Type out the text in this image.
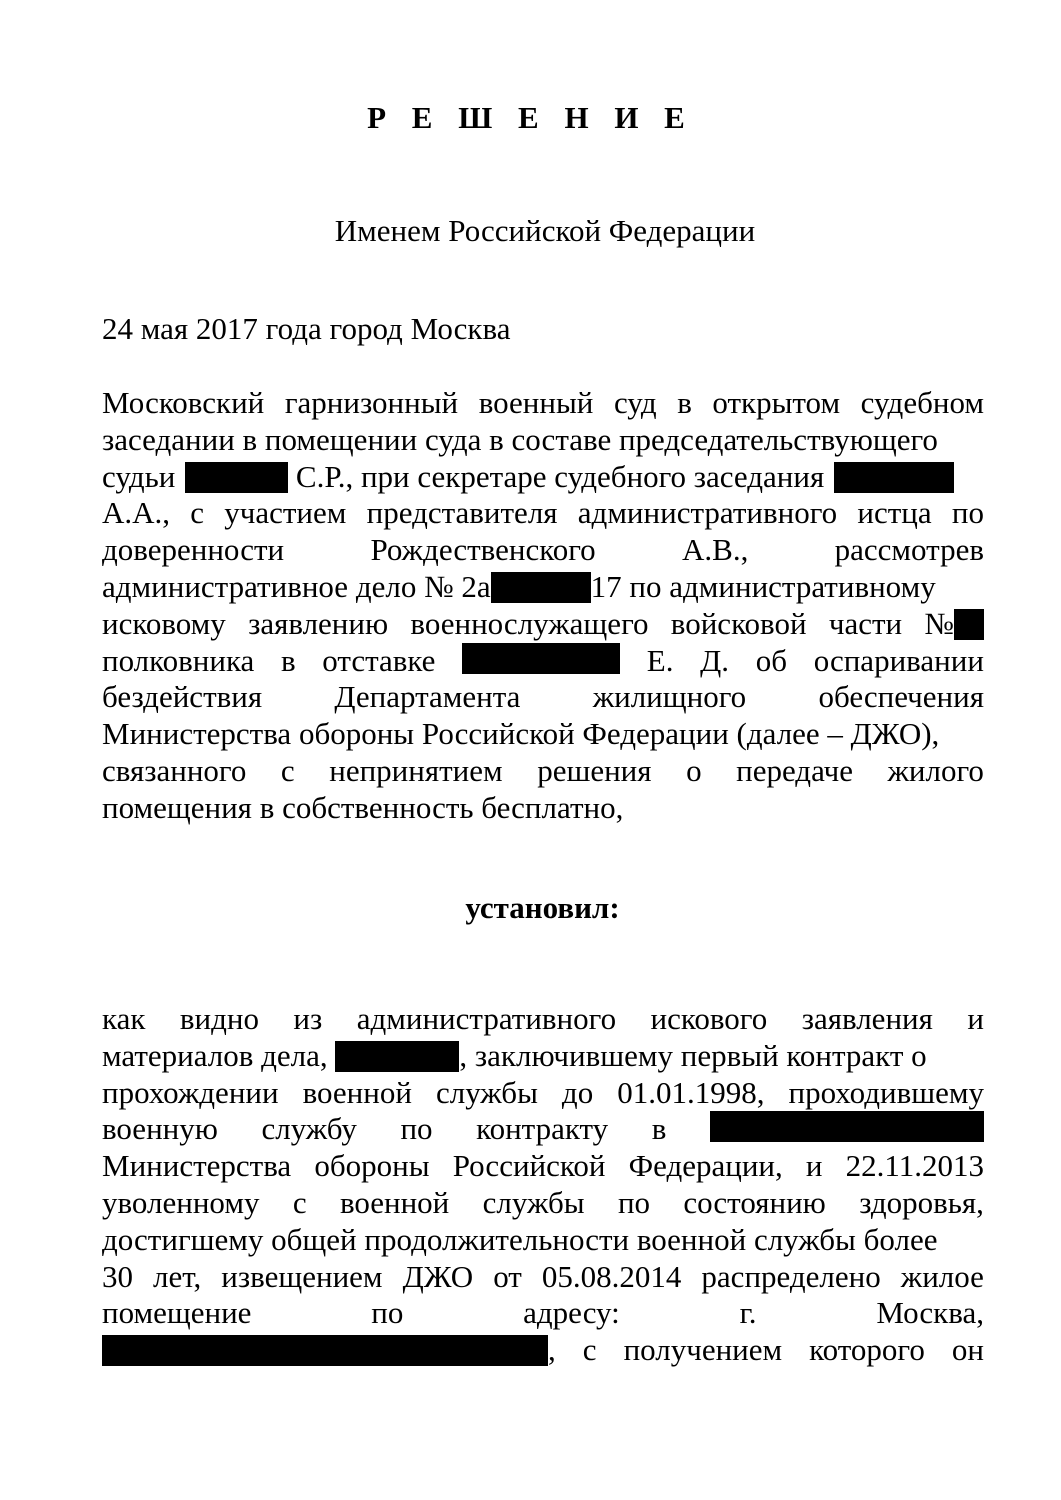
Р Е Ш Е Н И Е
Именем Российской Федерации
24 мая 2017 года город Москва
Московский гарнизонный военный суд в открытом судебном
заседании в помещении суда в составе председательствующего
судьи	С.Р., при секретаре судебного заседания
А.А., с участием представителя административного истца по
доверенности	Рождественского	А.В.,	рассмотрев
административное дело № 2а	17 по административному
исковому заявлению военнослужащего войсковой части №
полковника в отставке	Е. Д. об оспаривании
бездействия Департамента жилищного обеспечения
Министерства обороны Российской Федерации (далее – ДЖО),
связанного с непринятием решения о передаче жилого
помещения в собственность бесплатно,
установил:
как видно из административного искового заявления и
материалов дела,	, заключившему первый контракт о
прохождении военной службы до 01.01.1998, проходившему
военную службу по контракту в
Министерства обороны Российской Федерации, и 22.11.2013
уволенному с военной службы по состоянию здоровья,
достигшему общей продолжительности военной службы более
30 лет, извещением ДЖО от 05.08.2014 распределено жилое
помещение	по	адресу:	г.	Москва,
, с получением которого он
